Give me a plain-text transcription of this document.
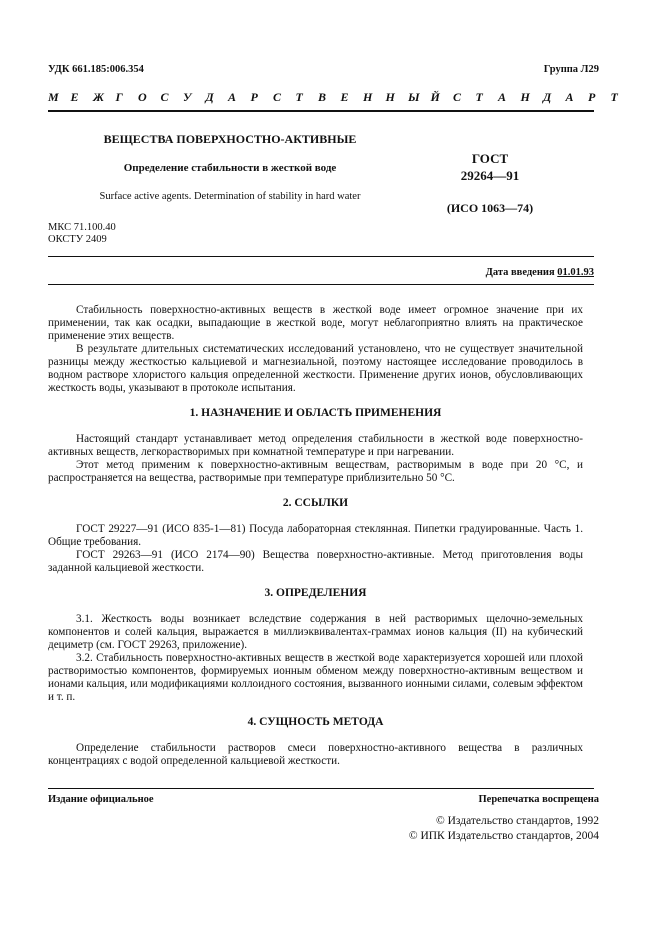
УДК 661.185:006.354	Группа Л29
М Е	Ж Г	О	С	У	Д	А	Р	С	Т	В	Е	Н	Н	Ы Й	С	Т	А	Н	Д	А	Р	Т
ВЕЩЕСТВА ПОВЕРХНОСТНО-АКТИВНЫЕ
Определение стабильности в жесткой воде
Surface active agents. Determination of stability in hard water
ГОСТ
29264—91
(ИСО 1063—74)
МКС 71.100.40
ОКСТУ 2409
Дата введения 01.01.93

Стабильность поверхностно-активных веществ в жесткой воде имеет огромное значение при их применении, так как осадки, выпадающие в жесткой воде, могут неблагоприятно влиять на практическое применение этих веществ.

В результате длительных систематических исследований установлено, что не существует значительной разницы между жесткостью кальциевой и магнезиальной, поэтому настоящее исследование проводилось в водном растворе хлористого кальция определенной жесткости. Применение других ионов, обусловливающих жесткость воды, указывают в протоколе испытания.

1. НАЗНАЧЕНИЕ И ОБЛАСТЬ ПРИМЕНЕНИЯ

Настоящий стандарт устанавливает метод определения стабильности в жесткой воде поверхностно-активных веществ, легкорастворимых при комнатной температуре и при нагревании.

Этот метод применим к поверхностно-активным веществам, растворимым в воде при 20 °С, и распространяется на вещества, растворимые при температуре приблизительно 50 °С.

2. ССЫЛКИ

ГОСТ 29227—91 (ИСО 835-1—81) Посуда лабораторная стеклянная. Пипетки градуированные. Часть 1. Общие требования.

ГОСТ 29263—91 (ИСО 2174—90) Вещества поверхностно-активные. Метод приготовления воды заданной кальциевой жесткости.

3. ОПРЕДЕЛЕНИЯ

3.1. Жесткость воды возникает вследствие содержания в ней растворимых щелочно-земельных компонентов и солей кальция, выражается в миллиэквивалентах-граммах ионов кальция (II) на кубический дециметр (см. ГОСТ 29263, приложение).

3.2. Стабильность поверхностно-активных веществ в жесткой воде характеризуется хорошей или плохой растворимостью компонентов, формируемых ионным обменом между поверхностно-активным веществом и ионами кальция, или модификациями коллоидного состояния, вызванного ионными силами, солевым эффектом и т. п.

4. СУЩНОСТЬ МЕТОДА

Определение стабильности растворов смеси поверхностно-активного вещества в различных концентрациях с водой определенной кальциевой жесткости.

Издание официальное	Перепечатка воспрещена
© Издательство стандартов, 1992
© ИПК Издательство стандартов, 2004
